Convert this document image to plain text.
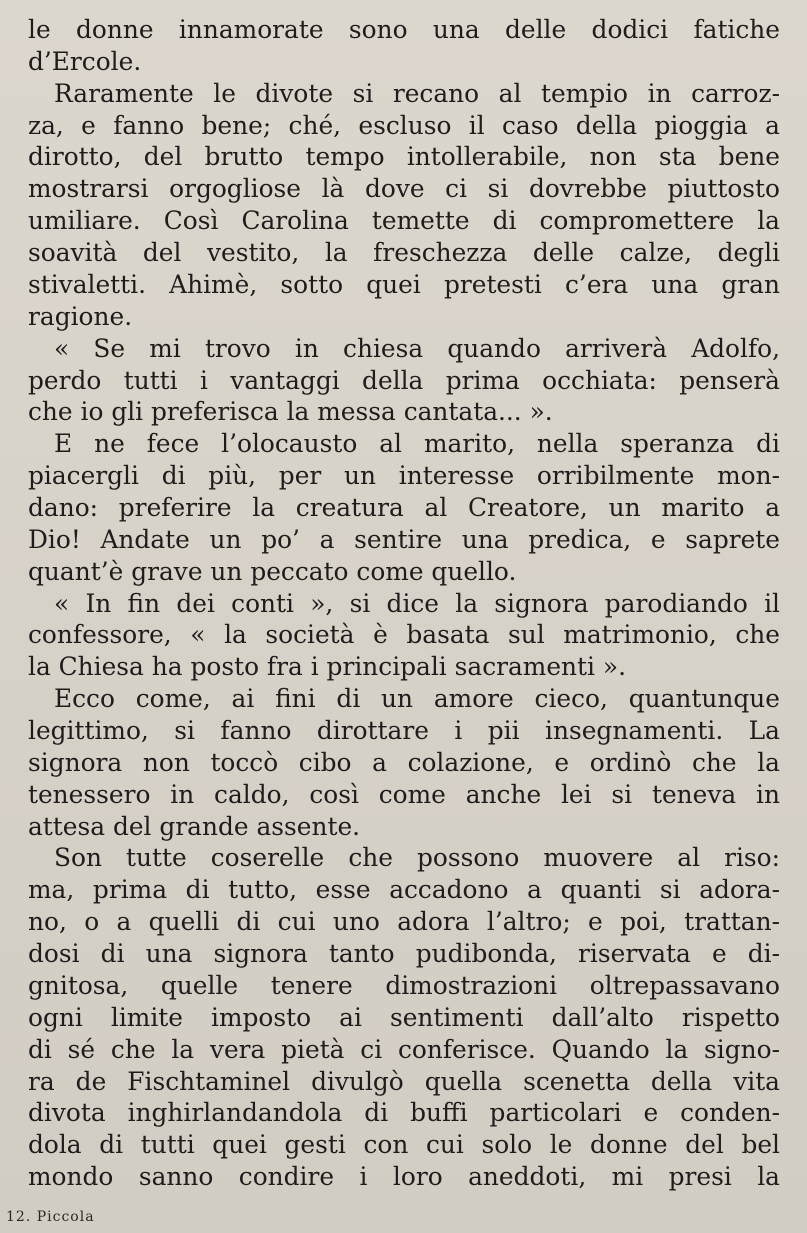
le donne innamorate sono una delle dodici fatiche
d’Ercole.
Raramente le divote si recano al tempio in carroz-
za, e fanno bene; ché, escluso il caso della pioggia a
dirotto, del brutto tempo intollerabile, non sta bene
mostrarsi orgogliose là dove ci si dovrebbe piuttosto
umiliare. Così Carolina temette di compromettere la
soavità del vestito, la freschezza delle calze, degli
stivaletti. Ahimè, sotto quei pretesti c’era una gran
ragione.
« Se mi trovo in chiesa quando arriverà Adolfo,
perdo tutti i vantaggi della prima occhiata: penserà
che io gli preferisca la messa cantata... ».
E ne fece l’olocausto al marito, nella speranza di
piacergli di più, per un interesse orribilmente mon-
dano: preferire la creatura al Creatore, un marito a
Dio! Andate un po’ a sentire una predica, e saprete
quant’è grave un peccato come quello.
« In fin dei conti », si dice la signora parodiando il
confessore, « la società è basata sul matrimonio, che
la Chiesa ha posto fra i principali sacramenti ».
Ecco come, ai fini di un amore cieco, quantunque
legittimo, si fanno dirottare i pii insegnamenti. La
signora non toccò cibo a colazione, e ordinò che la
tenessero in caldo, così come anche lei si teneva in
attesa del grande assente.
Son tutte coserelle che possono muovere al riso:
ma, prima di tutto, esse accadono a quanti si adora-
no, o a quelli di cui uno adora l’altro; e poi, trattan-
dosi di una signora tanto pudibonda, riservata e di-
gnitosa, quelle tenere dimostrazioni oltrepassavano
ogni limite imposto ai sentimenti dall’alto rispetto
di sé che la vera pietà ci conferisce. Quando la signo-
ra de Fischtaminel divulgò quella scenetta della vita
divota inghirlandandola di buffi particolari e conden-
dola di tutti quei gesti con cui solo le donne del bel
mondo sanno condire i loro aneddoti, mi presi la
12. Piccola
